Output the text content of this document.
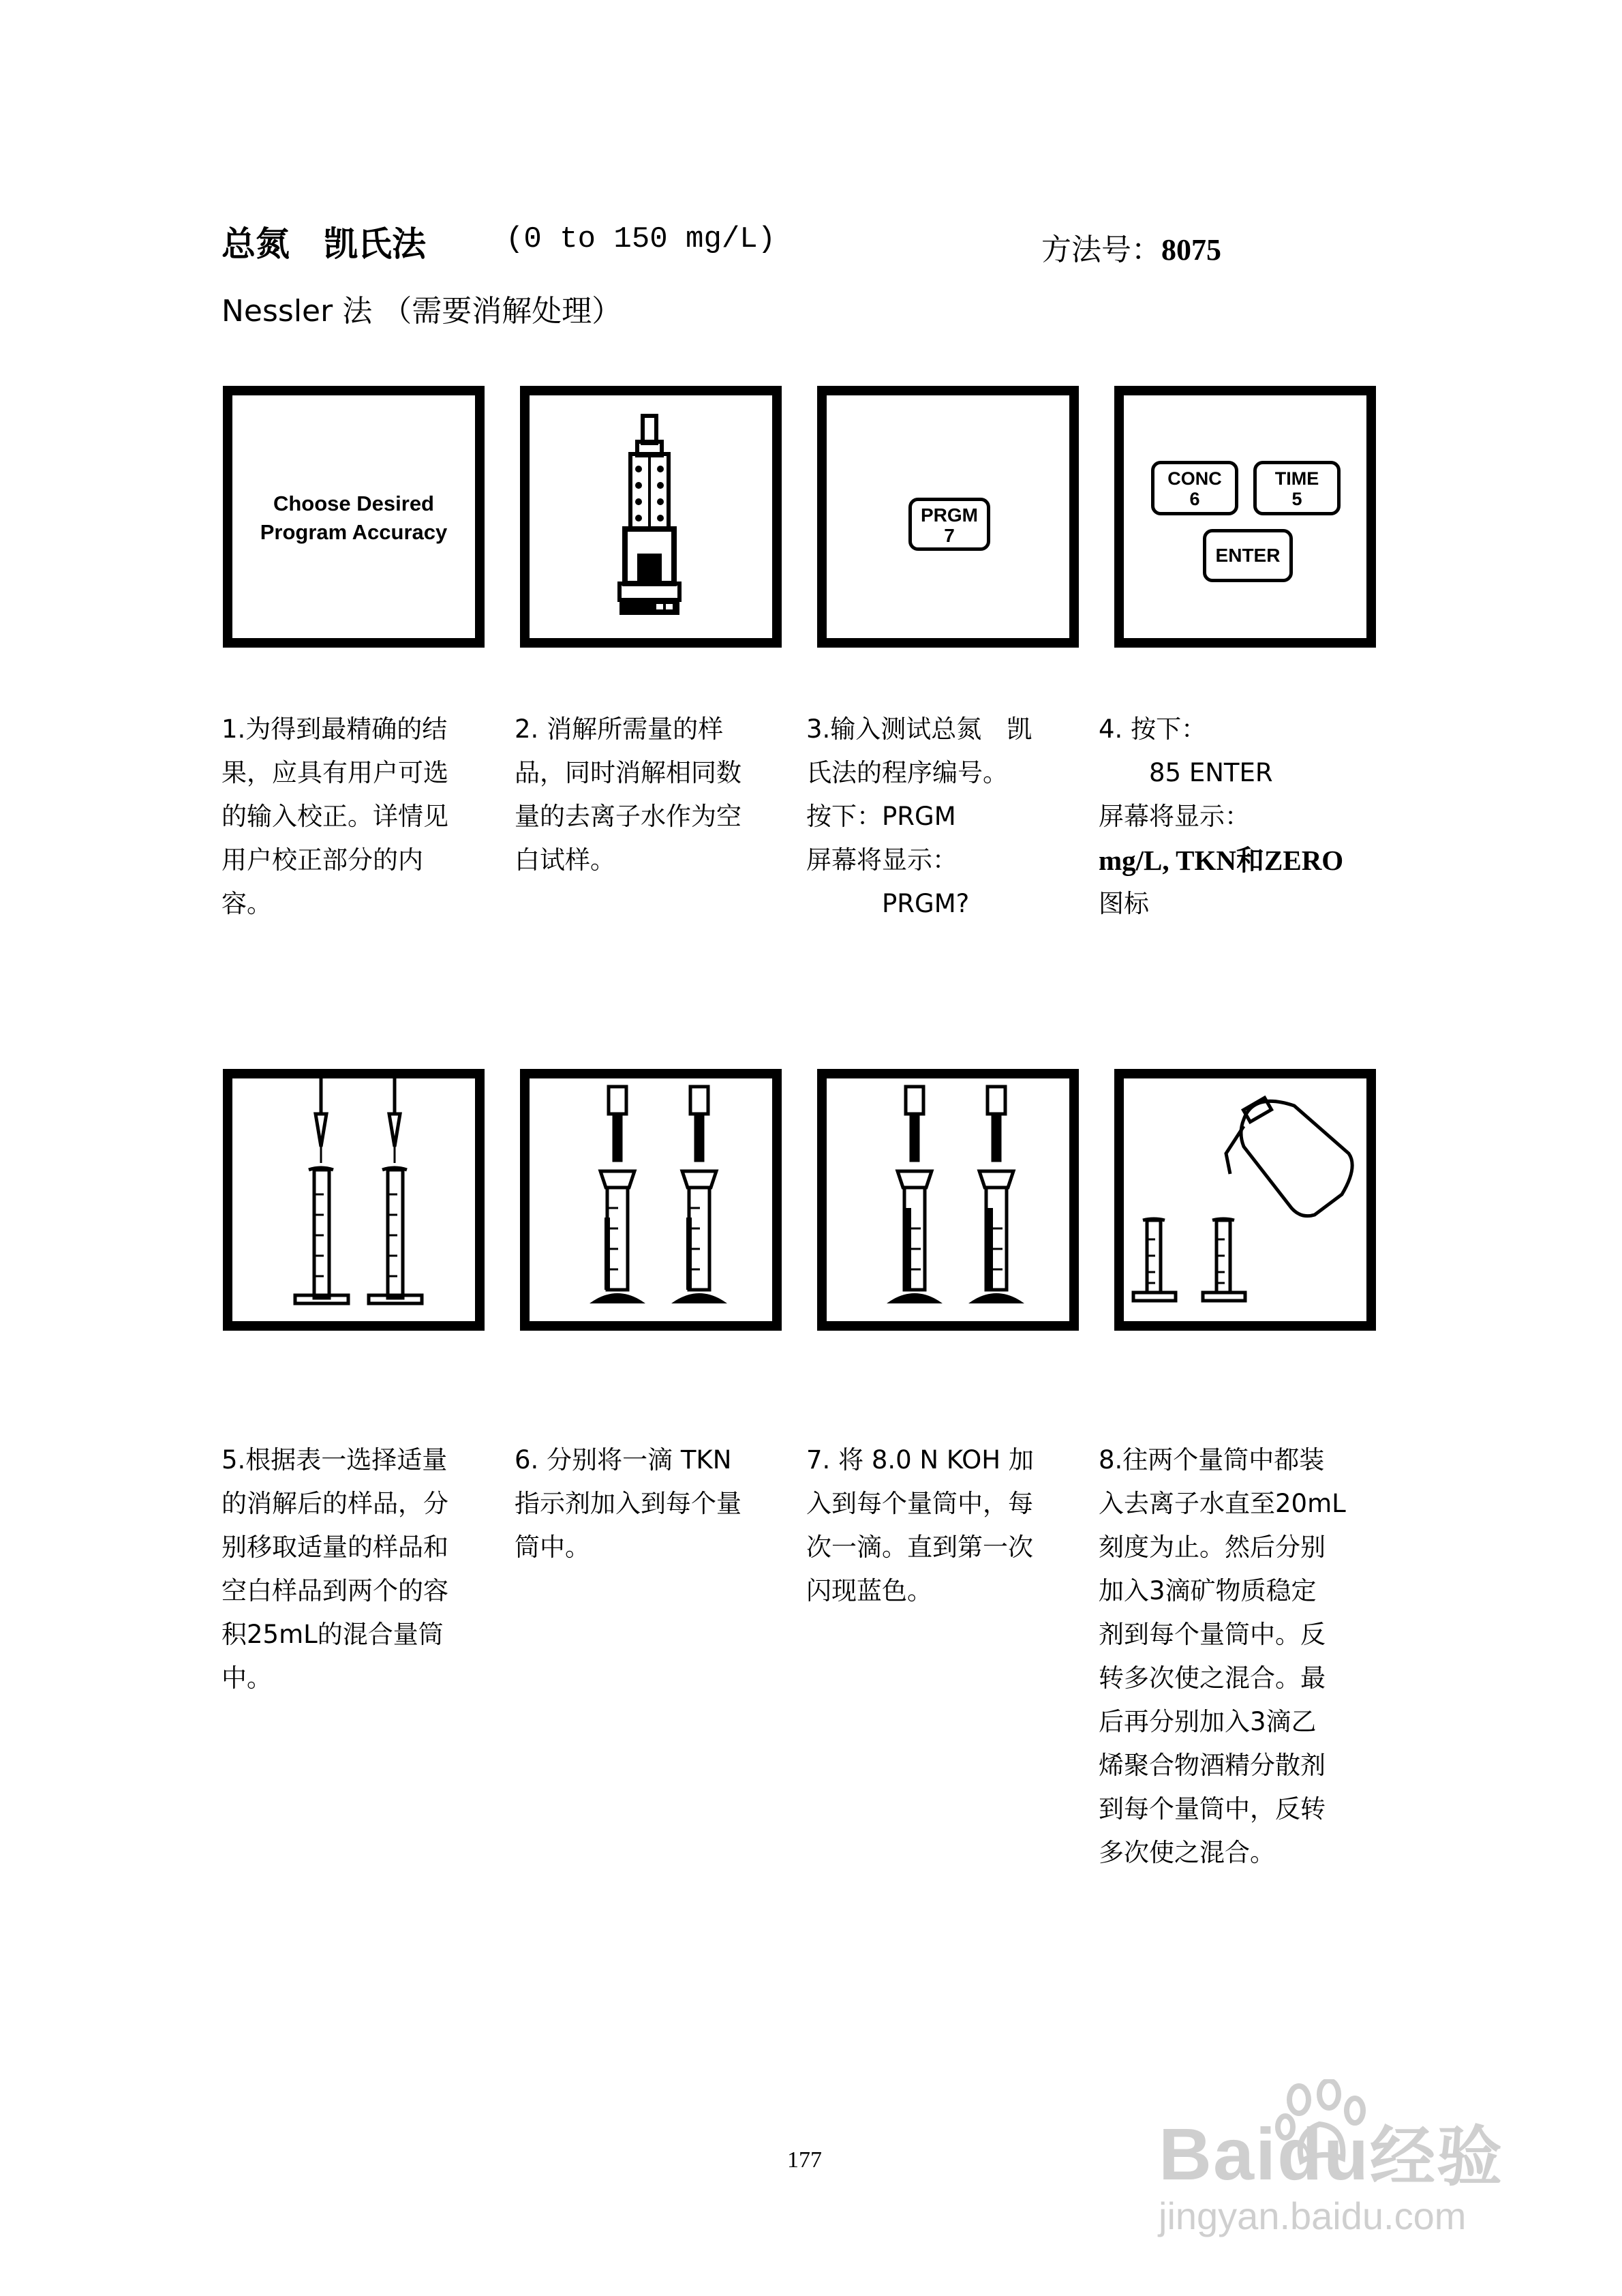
总氮　凯氏法	(0 to 150 mg/L)	方法号：8075
Nessler 法 （需要消解处理）
Choose Desired
Program Accuracy
PRGM
7
CONC
6
TIME
5
ENTER
1.为得到最精确的结
果，应具有用户可选
的输入校正。详情见
用户校正部分的内
容。
2. 消解所需量的样
品，同时消解相同数
量的去离子水作为空
白试样。
3.输入测试总氮　凯
氏法的程序编号。
按下：PRGM
屏幕将显示：
　　　PRGM?
4. 按下：
　　85 ENTER
屏幕将显示：
mg/L, TKN和ZERO
图标
5.根据表一选择适量
的消解后的样品，分
别移取适量的样品和
空白样品到两个的容
积25mL的混合量筒
中。
6. 分别将一滴 TKN
指示剂加入到每个量
筒中。
7. 将 8.0 N KOH 加
入到每个量筒中，每
次一滴。直到第一次
闪现蓝色。
8.往两个量筒中都装
入去离子水直至20mL
刻度为止。然后分别
加入3滴矿物质稳定
剂到每个量筒中。反
转多次使之混合。最
后再分别加入3滴乙
烯聚合物酒精分散剂
到每个量筒中，反转
多次使之混合。
177	Baidu经验
jingyan.baidu.com
